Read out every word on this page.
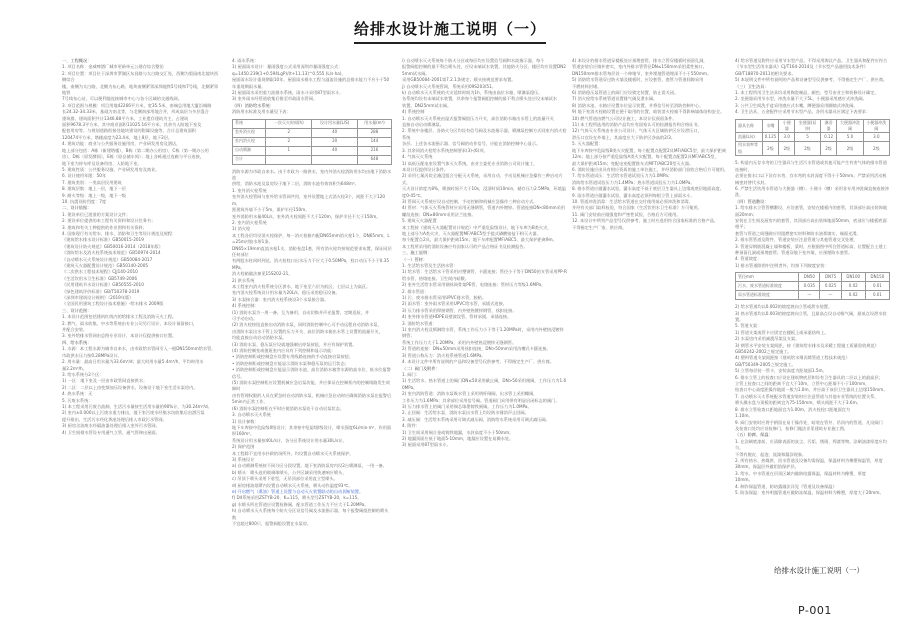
给排水设计施工说明（一）

一、工程概况：

1. 项目名称：金威啤酒厂城市更新单元公建存综合整治

2. 项目位置：项目位于深圳市罗湖区东昌路与太白路交汇处，西侧为梨园南北地块西侧综合

楼，南侧为太白路，北侧为布心路，地块南侧紧邻深圳地铁5号线和7号线，北侧紧邻地铁

7号线布心站，可以便利地连接城市中心与各个区域的交通线网。

3. 项目范围与规模：项目用地42266平方米，宽35.5米，南端总用地大厦沿城路

长24.32-34.33米，基础为南北等，与北侧南部用地合并，形成高层与多层混合

建筑群，建筑面积共计1346.88平方米，工业遗存建筑为主，占建筑

面积9678.3平方米，其中商业面积11025.16平方米，其余为人防地下室及

配套用房等。与规划道路衔接处地块建设的附属设施等，合计总建筑面积

120474平方米，塔楼高度为23.4米，地上8层，地下2层。

4. 建筑功能：商业与公共服务设施用房，产业研发用房及酒店，

地上部分包括：A栋（新建塔楼），B栋（第二期办公用房），C栋（第一期办公用

房），D栋（原发酵间），E栋（原仓储车间）；地上各栋通过连廊与平台连接，

地下室为停车库及设备用房、人防地下室。

5. 建筑性质：公共服务设施、产业研发用房及商业。

6. 设计使用年限：50年

7. 建筑类别：一类高层民用建筑

8. 建筑层数：地上一层，地下一层

9. 耐火等级：地上一级，地下一级

10. 抗震设防烈度：7度

二、设计依据：

1. 建设单位已批准的方案设计文件；

2. 建设单位提供的本工程有关资料和设计任务书；

3. 建筑和有关工种提供的作业图和有关资料；

4. 国家现行有关给水、排水、消防和卫生等设计规范及规程：

《建筑给水排水设计标准》GB50015-2019

《建筑设计防火规范》GB50016-2014（2018年版）

《消防给水及消火栓系统技术规范》GB50974-2014

《自动喷水灭火系统设计规范》GB50084-2017

《建筑灭火器配置设计规范》GB50140-2005

《二次供水工程技术规程》CJJ140-2010

《生活饮用水卫生标准》GB5749-2006

《民用建筑节水设计标准》GB50555-2010

《绿色建筑评价标准》GB/T50378-2019

《深圳市建筑设计规则》（2019年版）

《全国民用建筑工程设计技术措施》-给水排水 2009版

三、设计范围：

1. 本设计范围包括建筑红线内的给排水工程及消防灭火工程。

2. 燃气、雨水收集、中水等系统由专业公司另行设计，本设计预留接口，

并配合安装。

3. 室外给排水管网由总图专业设计，本设计仅提供接口位置。

四、给水系统：

1. 水源：本工程水源为城市自来水，由市政给水管网引入一根DN150mm给水管，

市政供水压力按0.28MPa设计。

2. 用水量：最高日用水量为33.6m³/d；最大时用水量5.4m³/h，平均时用水

量2.2m³/h。

3. 给水系统分2个区：

1) 一区：地下室及一层由市政管网直接供水；

2) 二区：二层以上由变频加压设备供水，设备设于地下室生活水泵房内。

4. 热水系统：无

5. 污废水系统：

1) 本工程采用污废合流制，生活污水量按生活用水量的90%计，为30.24m³/d。

2) 室内±0.000以上污废水重力排出，地下室污废水经集水坑收集后由潜污泵

提升排出，生活污水经化粪池处理后排入市政污水管网。

3) 厨房含油废水经隔油器处理后排入室外污水管网。

4) 卫生间排水管设专用通气立管，通气管伸出屋面。

4. 雨水系统：

1) 屋面雨水设计：暴雨强度公式采用深圳市暴雨强度公式：

q=1450.239(1+0.594LgP)/(t+11.13)^0.555 (L/s·ha)，

屋面雨水设计重现期取10年，屋面雨水排水工程与溢流设施的总排水能力不应小于50年重现期雨水量。

2) 屋面雨水采用重力流排水系统，雨水斗采用87型雨水斗。

3) 室外雨水经管道收集后排至市政雨水管网。

（四）消防给水系统：

消防用水标准及用水量见下表：

系统	一次灭火时间(h)	设计用水量(L/S)	用水量(m³)
室外消火栓	2	40	288
室内消火栓	2	20	144
自动喷淋	1	40	216
合计			648

消防水源为市政自来水。由于市政为一路供水，室内外消火栓消防用水均由地下消防水池

供给，消防水池及泵房设于地下二层，消防水池有效容积为648m³。

1. 室外消火栓系统

室外消火栓管网与室外给水管网共用，室外设置地上式消火栓3个，间距不大于120m，

距建筑外墙不小于5m，保护半径150m。

室外消防用水量40L/s，室外消火栓间距不大于120m，保护半径不大于150m。

2. 室内消火栓系统

1) 消火栓

本工程各层均设消火栓保护，每一消火栓箱内配DN65mm消火栓1个，DN65mm，L=25m衬胶水带1条，

DN65×19mm直流水枪1支，消防卷盘1套，所有消火栓均按规范要求布置，保证同层任何部位

有两股水柱同时到达，消火栓栓口出水压力不应大于0.50MPa，栓口动压不小于0.35MPa，

消火栓箱做法参见15S202-21。

2) 供水系统

本工程室内消火栓系统分区供水，地下室至六层为低区，七层以上为高区。

室内消火栓系统设计用水量为20L/s，稳压采用稳压设备。

3) 水泵接合器：室内消火栓系统设3个水泵接合器。

4) 系统控制：

(1) 消防水泵为一用一备，互为备用，自动切换并声光报警，定期巡检，并

可手动启动。

(2) 消火栓按钮直接启动消防水泵，同时消防控制中心可手动远程启动消防水泵，

由消防水泵出水干管上设置的压力开关、高位消防水箱出水管上设置的流量开关，

均能直接自动启动消防水泵。

(3) 消防水泵、稳压泵应设就地强制启停泵按钮，并应有保护装置。

(4) 消防控制室或值班室内应具有下列控制和显示功能：

• 消防控制柜或控制盘应设置专用线路连接的手动直接启泵按钮；

• 消防控制柜或控制盘应能显示消防水泵和稳压泵的运行状态；

• 消防控制柜或控制盘应能显示消防水池、高位消防水箱等水源的高水位、低水位报警信号。

(5) 消防水泵控制柜应设置机械应急启泵功能，并应保证在控制柜内的控制线路发生故障时

由有管理权限的人员在紧急时启动消防水泵，机械应急启动时应确保消防水泵在报警后5min内正常工作。

(6) 消防水泵控制柜在平时应使消防水泵处于自动启泵状态。

3. 自动喷水灭火系统

1) 设计参数：

地下车库按中危险级II级设计；其余按中危险级I级设计，喷水强度6L/min·m²，作用面积160m²。

系统设计用水量按40L/s计，各分区系统设计用水量30L/s计。

2) 保护范围

本工程除不宜用水扑救的场所外，均设置自动喷水灭火系统保护。

3) 系统设计

a) 自动喷淋系统按不同分区分段设置，地下室消防泵房内设2台喷淋泵，一用一备。

b) 喷头：喷头选用玻璃球喷头，公共区域采用快速响应喷头，

c) 吊顶下喷头采用下垂型，无吊顶部位采用直立型喷头。

d) 厨房排油烟罩内设置自动喷水灭火系统，喷头动作温度93℃。

e) 开启燃气（熏油）管道上设置与自动灭火装置联动的自动切断装置。

f) D4系统采用ZSTYB-20、K=115，喷头型号ZSTYB-20，k=115。

g) 水喷头所在管道应设置检修阀，配水管道工作压力不应大于1.20MPa。

h) 自动喷水灭火系统每个防火分区设信号阀及水流指示器，每个报警阀组控制的喷头数

不宜超过800只，报警阀组设置在水泵房。

i) 自动喷水灭火系统每个防火分区或每层均应设置信号阀和水流指示器，每个

报警阀组控制的最不利点喷头处，应设末端试水装置，其他防火分区、楼层均应设置DN25mm试水阀。

采用GB50084-2001第7.2.1条规定；喷头按规范要求布置。

j) 自动喷水灭火系统管网，系统采用09S203/51。

k) 自动喷水灭火系统的火灾延续时间为1h，系统由高位水箱、喷淋泵稳压，

各系统均设有末端试水装置，其余每个报警阀组控制的最不利点喷头处应设末端试水

装置，DN25mm试水阀。

4) 系统控制

1. 自动喷水灭火系统由湿式报警阀组压力开关、高位消防水箱出水管上的流量开关

直接自动启动喷淋泵。

2. 系统中各楼层、各防火分区均设有信号阀及水流指示器，喷淋泵控制方式同室内消火栓系统

各层。上述各水流指示器、信号阀的动作信号，应能在消防控制中心显示。

3. 其余同消火栓给水系统控制要求(3)-(6)项。

4. 气体灭火系统

1) 高低压配电室设置气体灭火系统，由业主委托专业消防公司设计施工，

本设计仅提供设计条件。

2) 采用七氟丙烷全淹没组合分配灭火系统，采用自动、手动及机械应急操作三种启动方式，

灭火设计浓度为8%，喷放时间不大于10s，浸渍时间10min，储存压力2.5MPa，环境温度0-45℃。

3) 管网灭火系统应设自动控制、手动控制和机械应急操作三种启动方式。

4) 管材：气体灭火系统管材应采用无缝钢管，管道内外镀锌。管道连接DN<80mm采用螺纹连接；DN≥80mm采用法兰连接。

5. 建筑灭火器配置

本工程按《建筑灭火器配置设计规范》中严重危险级设计，地下车库为B类火灾，

地上部分为A类火灾，灭火器配置MF/ABC5型手提式磷酸铵盐干粉灭火器，

每个配置点2具，最大保护距离15m；地下车库配置MF/ABC5，最大保护距离9m。

本工程所采用的消防设备应有国家认可的产品合格证书及检测报告。

三、施工说明：

（一）管材：

1. 生活给水管及生活热水管：

1) 给水管：生活给水干管采用衬塑钢管，卡箍连接；管径小于等于DN50的支管采用PP-R给水管，热熔连接。卫生间内暗敷。

2) 室外生活给水管采用钢丝网骨架PE管，电熔连接；管材压力等级1.6MPa。

2. 排水管道：

1) 污、废水排水管采用UPVC排水管，胶粘。

2) 雨水管：室外雨水管采用UPVC给水管，承插式连接。

3) 压力排水管采用焊接钢管，内外壁热镀锌钢管，丝扣连接。

4) 室外排水管道HDPE双壁波纹管，管材承插，承插连接。

3. 消防给水管道：

1) 室内消火栓及喷淋给水管，系统工作压力小于等于1.20MPa时，采用内外壁热浸镀锌钢管；

系统工作压力大于1.20MPa，采用内外壁热浸镀锌无缝钢管。

2) 管道的连接：DN≤50mm采用丝扣连接，DN>50mm采用沟槽式卡箍连接。

3) 管道公称压力：消火栓系统管道1.6MPa。

4. 本设计文件中所有说明的产品和设备型号仅供参考，不得指定生产厂、供应商。

（二）阀门及附件：

1. 阀门：

1) 生活给水、热水管道上的阀门DN≤50采用截止阀，DN>50采用闸阀，工作压力为1.60MPa。

2) 室内消防管道：消防水泵吸水管上采用明杆闸阀，出水管上采用蝶阀，

工作压力为1.6MPa；其余部位采用信号阀。管道阀门采用带有明显启闭标志的阀门。

3) 压力排水管上的阀门采用铜芯球墨铸铁闸阀。工作压力为1.0MPa。

2. 止回阀：生活给水泵、消防水泵出水管上均设防水锤消声止回阀。

3. 减压阀：生活给水系统采用可调式减压阀，消防给水系统采用可调式减压阀。

4. 附件：

1) 卫生间采用铜合金或铸铁地漏，水封高度不小于50mm；

2) 地漏顶面应低于地面5-10mm，地漏应设置在易溅水处。

3) 屋面采用87型雨水斗。

4) 本设计的排水管道穿楼板处应预埋套管，排水立管穿楼板时预留孔洞，

管道安装后应填补密实，室内外排水管管径DN≤150mm采用柔性接口，

DN150mm排水管每层设一个伸缩节，室外埋地管道埋深不小于550mm。

5) 消防给水管道穿过防火墙及楼板时，应设套管，套管与管道间隙采用

不燃材料封堵。

6) 消防稳压泵管道上的阀门应设锁定装置，防止误关闭。

7) 消火栓给水系统管道设置排气阀及泄水阀。

8) 消防水池、水箱应设置水位显示装置，并将信号传至消防控制中心。

9) 地下室消火栓箱设置在便于取用的位置，暗装消火栓箱不得影响墙体结构安全。

10) 燃气管道由燃气公司设计施工，本设计仅预留条件。

11) 本工程所选用的消防产品均应有国家认可的检测报告和合格证书。

12) 气体灭火系统由专业公司设计，气体灭火区域防护区应设泄压口，

泄压口宜设在外墙上，其高度应大于防护区净高的2/3。

5. 灭火器配置：

地下车库按中危险级B类火灾配置，每个配置点配置2具MF/ABC5型，最大保护距离

12m；地上部分按严重危险级A类火灾配置，每个配置点配置2具MF/ABC5型，

最大保护距离15m；变配电室配置推车式MFT/ABC20型灭火器。

6. 消防设施应由具有相应资质的施工单位施工，并经消防部门验收合格后方可使用。

7. 给水管道试压：生活给水管道试验压力为1.0MPa；

消防给水管道试验压力为1.4MPa；热水管道试验压力为1.0MPa。

8. 排水管道应做灌水试验，灌水高度不低于底层卫生器具上边缘或底层地面高度。

9. 雨水管道应做灌水试验，灌水高度必须到每根立管上部雨水斗。

10. 管道冲洗消毒：生活给水管道在交付使用前必须冲洗和消毒，

并经有关部门取样检验，符合国家《生活饮用水卫生标准》方可使用。

11. 阀门安装前应做强度和严密性试验，合格后方可使用。

12. 本设计中所列产品型号仅供参考，施工时应选用符合国家标准的合格产品，

不得指定生产厂家、供应商。

4) 给水管道及附件应采用节水型产品，不得采用淘汰产品。卫生器具和配件应符合

《节水型生活用水器具》CJ/T164-2014及《节水型产品通用技术条件》

GB/T18870-2011的相关要求。

5) 本说明文件中所有说明的产品和设备型号仅供参考，不得指定生产厂、供应商。

（三）卫生洁具：

1. 本工程所用卫生洁具均采用陶瓷制品，颜色、型号由业主和装修设计确定。

2. 坐便器采用节水型，冲洗水量不大于5L，小便器采用感应式冲洗阀。

3. 公共卫生间洗手盆采用感应式水嘴，蹲便器采用脚踏式冲洗阀。

4. 卫生洁具、五金配件应采用节水型产品，各用水器具应满足下表要求：

器具名称	水嘴	小便器	坐便器(双冲)	淋浴器	大便器冲洗阀	小便器冲洗阀
流量(L/s)	0.125	3.0	5	0.12	5.0	3.0
用水效率等级	2级	2级	2级	2级	2级	2级

5. 构造内无存水弯的卫生器具与生活污水管道或其他可能产生有害气体的排水管道连接时，

必须在排水口以下设存水弯，存水弯的水封深度不得小于50mm。严禁采用活动机械密封替代水封。

6. 严禁生活饮用水管道与大便器（槽）、小便斗（槽）采用非专用冲洗阀直接连接冲洗。

（四）管道敷设：

1. 给水排水立管管槽敷设，应设套管，安装在楼板内的套管，其顶部应高出装饰地面20mm；

安装在卫生间及厨房内的套管，其顶部应高出装饰地面50mm，底部应与楼板底面相平；

套管与管道之间缝隙应用阻燃密实材料和防水油膏填实，端面光滑。

2. 排水管管道及附件，管道安装应注意管道与其他管道交叉处理，

3. 管道穿钢筋混凝土墙和楼板、梁时，应根据图中所注管道标高、位置配合土建工种预留孔洞或预埋套管；管道穿地下室外墙，应预埋防水套管。

4. 管道坡度：

1) 排水管道除图中注明者外，均按下列坡度安装：

管径mm	DN50	DN75	DN100	DN150
污水、废水管道标准坡度	0.035	0.025	0.02	0.01
雨水管道标准坡度	—	—	0.02	0.01

2) 给水管道均以0.002的坡度坡向立管或泄水装置。

3) 热水管道均以0.003的坡度坡向立管，且最高点设自动排气阀，最低点设泄水装置。

5. 管道支架：

1) 管道支架或管卡应固定在楼板上或承重结构上。

2) 水泵房内采用减震吊架及支架。

3) 钢管水平安装支架间距，按《建筑给水排水及采暖工程施工质量验收规范》

GB50242-2002之规定施工。

4) 塑料管道支架间距按《建筑给水聚丙烯管道工程技术规范》

GB/T50349-2005之规定施工。

5) 立管每层装一管卡，安装高度为距地面1.5m。

6. 排水立管上的检查口应设在建筑物底层和设有卫生器具的二层以上的最高层；

立管上检查口之间的距离不宜大于10m，立管中心距墙不小于100mm，

检查口中心高度距操作地面一般为1.0m，并应高于该层卫生器具上边缘150mm。

7. 自动喷水灭火系统配水管道安装时应注意管道与其他专业管线的位置关系，

喷头溅水盘与顶板的距离宜为75-150mm，喷头间距不大于3.6m。

8. 排水立管检查口距地面宜为1.00m，消火栓栓口距地面宜为

1.10m。

9. 阀门安装时应将手柄留在易于操作处，暗装在管井、吊顶内的管道，凡设阀门

及检查口处均应设检修门，检修门做法详见建筑专业施工图。

（五）防腐、保温：

1. 在涂刷底漆前，应清除表面的灰尘、污垢、锈斑、焊渣等物。涂刷油漆厚度应均匀，

不得有脱皮、起泡、流淌和漏涂现象。

2. 所有热水、热媒供、回水管道及设备均需保温，保温材料为橡塑保温管，厚度

30mm，保温层外做铝箔保护层。

3. 给水、中水管道在吊顶区域内做防结露保温，保温材料为橡塑，厚度

10mm。

4. 制作保温管道，防结露做法详见《管道及设备保温》

5. 防冻保温：室外明露管道应做防冻保温，保温材料为橡塑，厚度大于20mm。

给排水设计施工说明（一）
P-001
